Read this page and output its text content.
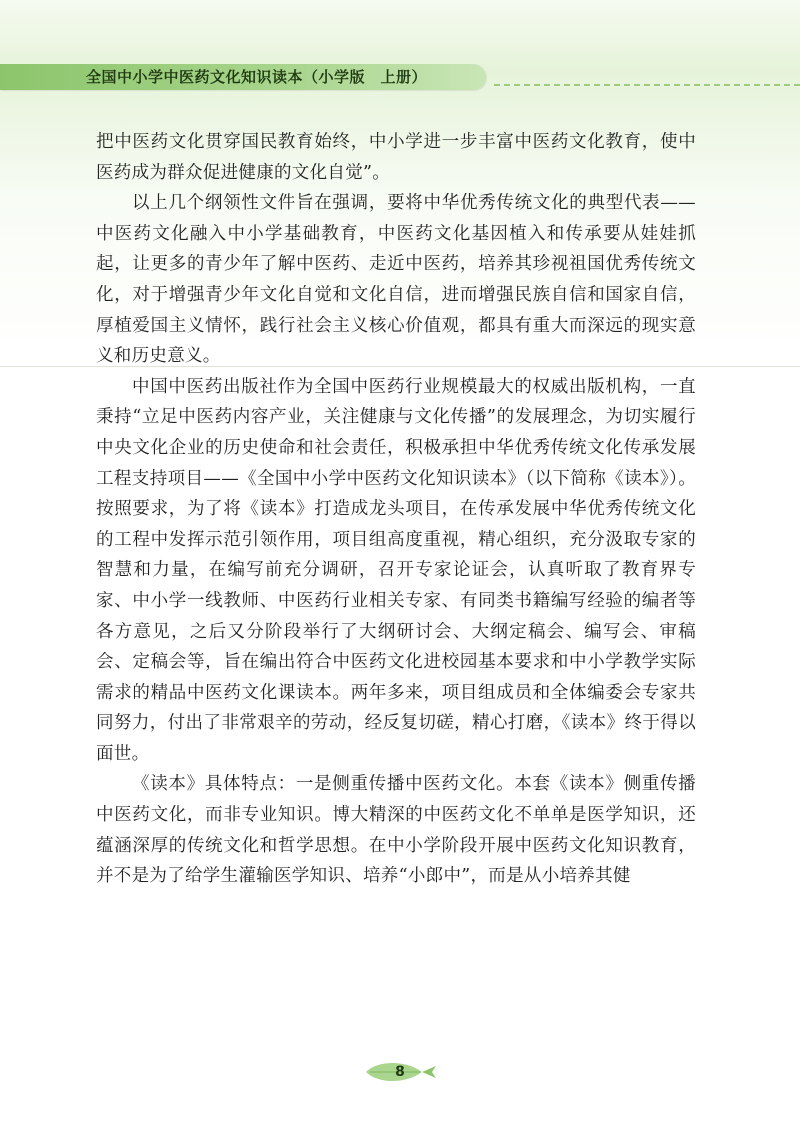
全国中小学中医药文化知识读本（小学版　上册）

把中医药文化贯穿国民教育始终，中小学进一步丰富中医药文化教育，使中医药成为群众促进健康的文化自觉”。

以上几个纲领性文件旨在强调，要将中华优秀传统文化的典型代表——中医药文化融入中小学基础教育，中医药文化基因植入和传承要从娃娃抓起，让更多的青少年了解中医药、走近中医药，培养其珍视祖国优秀传统文化，对于增强青少年文化自觉和文化自信，进而增强民族自信和国家自信，厚植爱国主义情怀，践行社会主义核心价值观，都具有重大而深远的现实意义和历史意义。

中国中医药出版社作为全国中医药行业规模最大的权威出版机构，一直秉持“立足中医药内容产业，关注健康与文化传播”的发展理念，为切实履行中央文化企业的历史使命和社会责任，积极承担中华优秀传统文化传承发展工程支持项目——《全国中小学中医药文化知识读本》（以下简称《读本》）。按照要求，为了将《读本》打造成龙头项目，在传承发展中华优秀传统文化的工程中发挥示范引领作用，项目组高度重视，精心组织，充分汲取专家的智慧和力量，在编写前充分调研，召开专家论证会，认真听取了教育界专家、中小学一线教师、中医药行业相关专家、有同类书籍编写经验的编者等各方意见，之后又分阶段举行了大纲研讨会、大纲定稿会、编写会、审稿会、定稿会等，旨在编出符合中医药文化进校园基本要求和中小学教学实际需求的精品中医药文化课读本。两年多来，项目组成员和全体编委会专家共同努力，付出了非常艰辛的劳动，经反复切磋，精心打磨，《读本》终于得以面世。

《读本》具体特点：一是侧重传播中医药文化。本套《读本》侧重传播中医药文化，而非专业知识。博大精深的中医药文化不单单是医学知识，还蕴涵深厚的传统文化和哲学思想。在中小学阶段开展中医药文化知识教育，并不是为了给学生灌输医学知识、培养“小郎中”，而是从小培养其健

8
